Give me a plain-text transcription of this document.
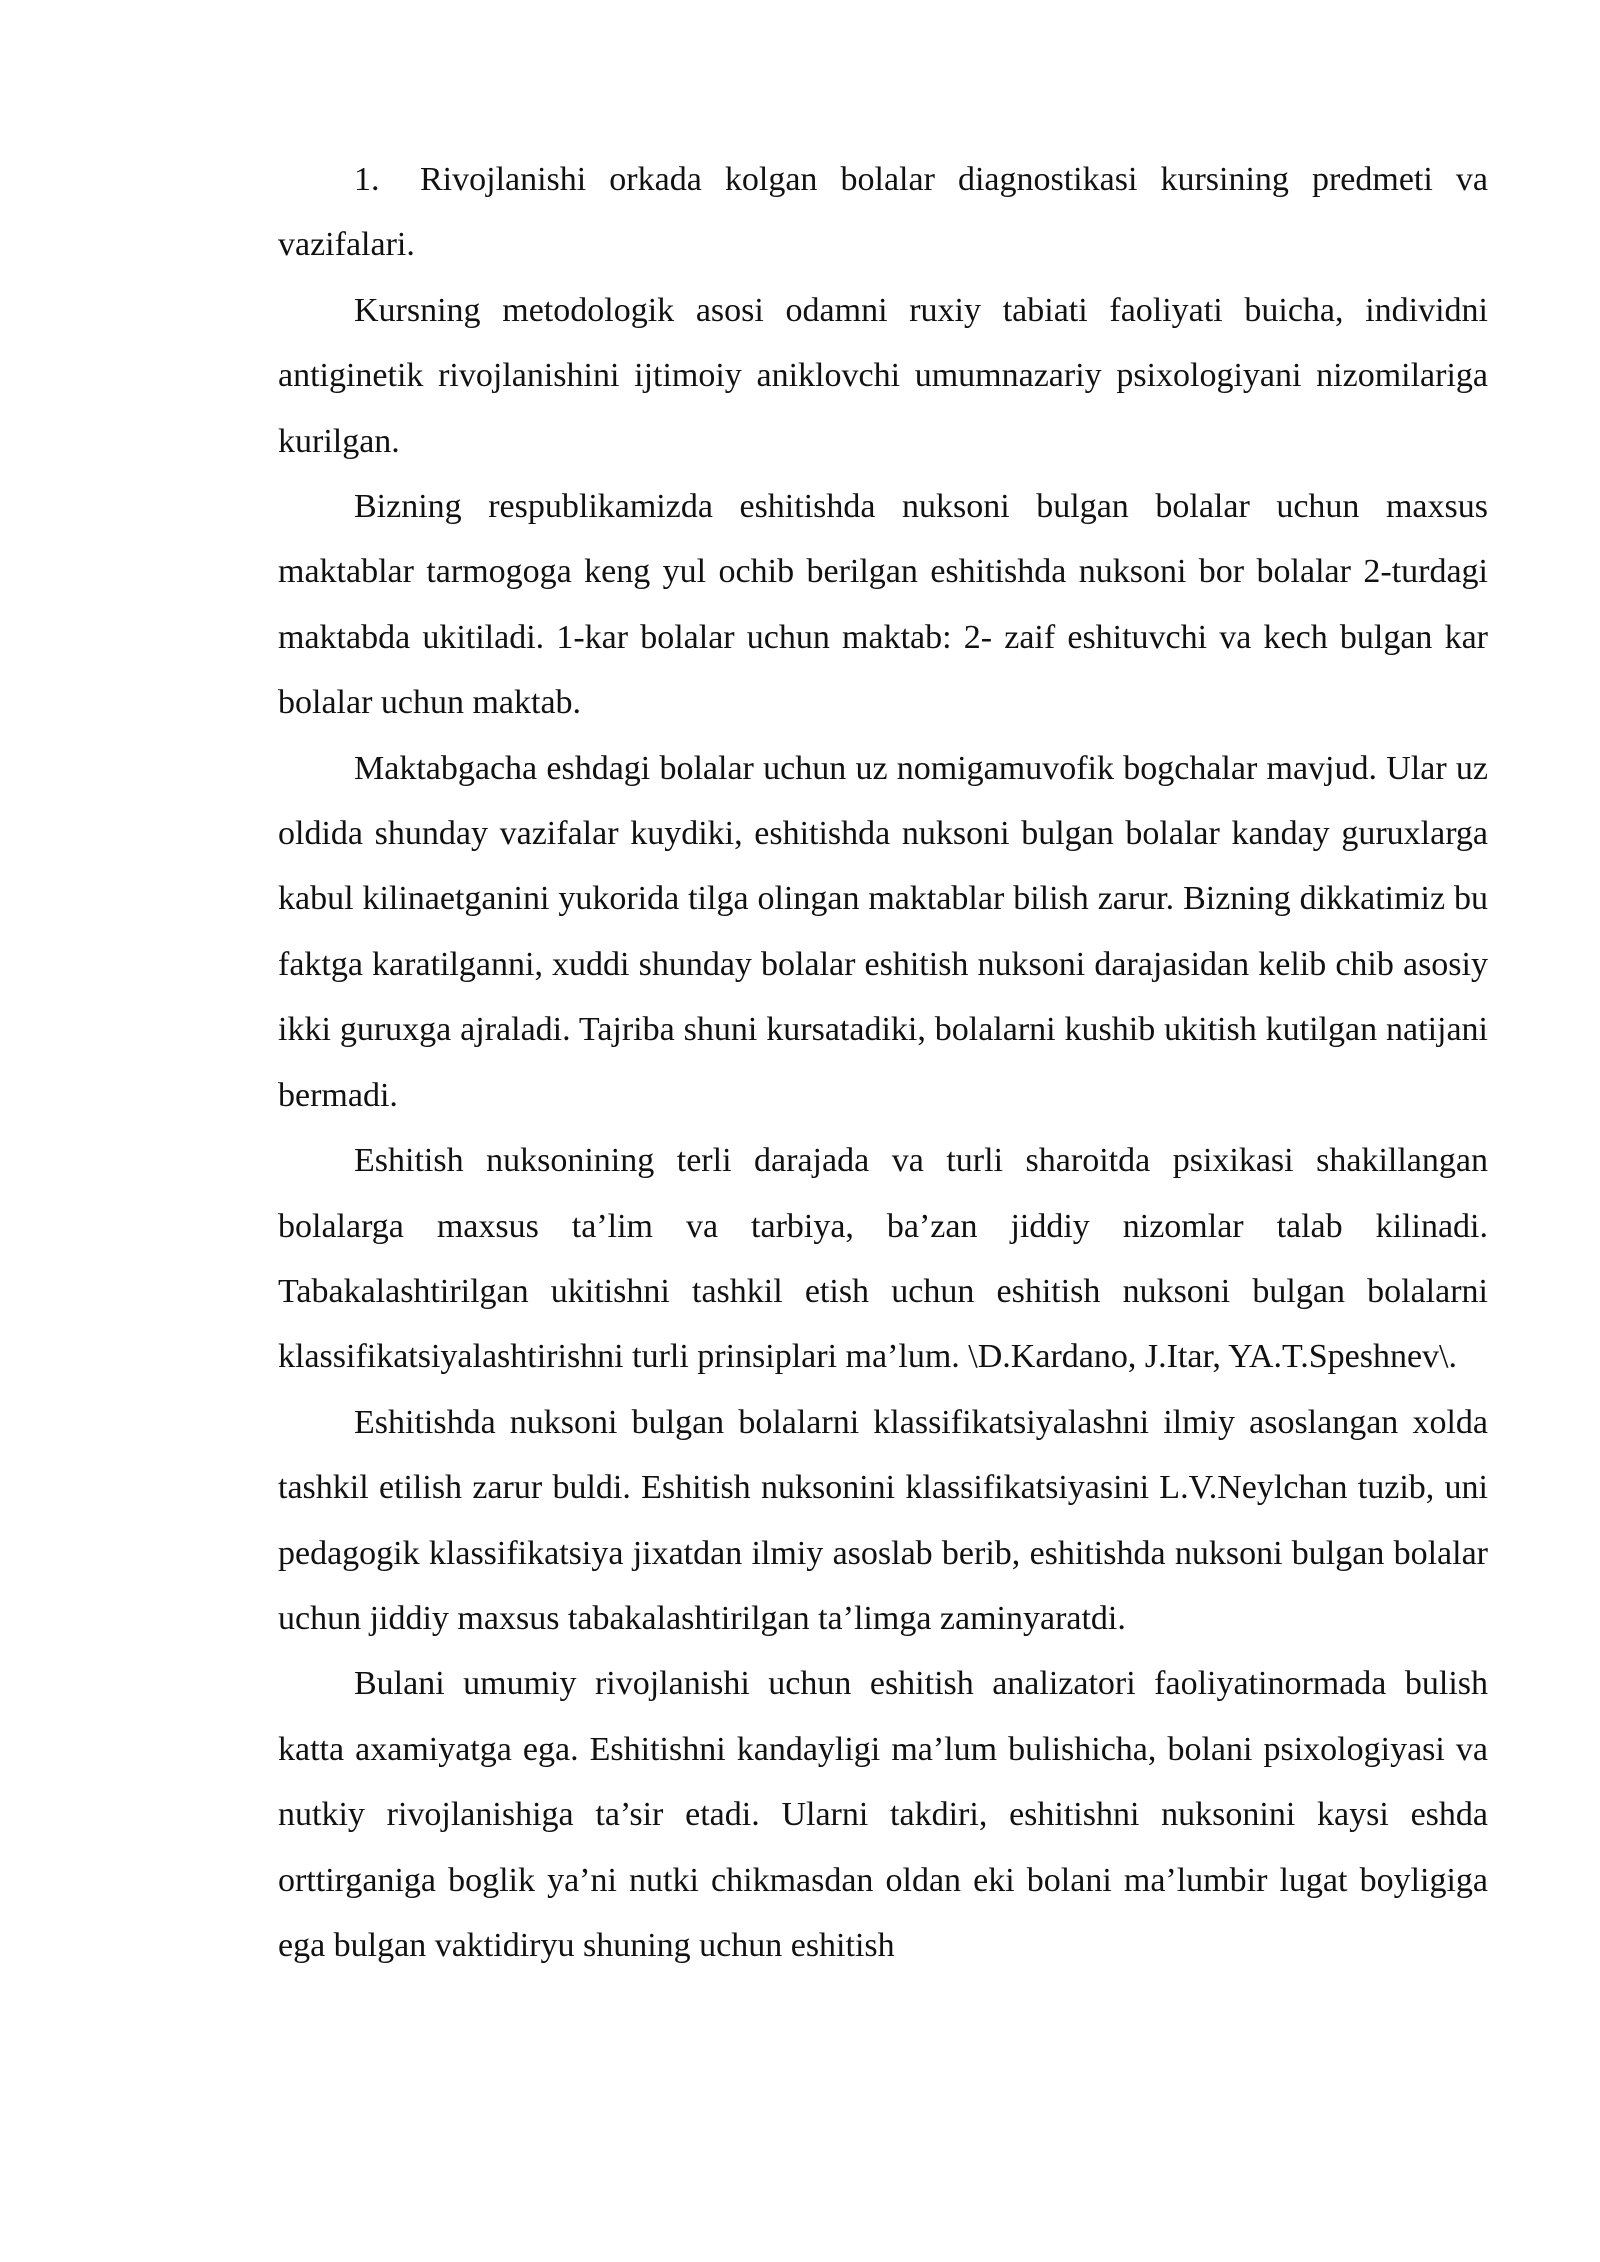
1. Rivojlanishi orkada kolgan bolalar diagnostikasi kursining predmeti va vazifalari.

Kursning metodologik asosi odamni ruxiy tabiati faoliyati buicha, individni antiginetik rivojlanishini ijtimoiy aniklovchi umumnazariy psixologiyani nizomilariga kurilgan.

Bizning respublikamizda eshitishda nuksoni bulgan bolalar uchun maxsus maktablar tarmogoga keng yul ochib berilgan eshitishda nuksoni bor bolalar 2-turdagi maktabda ukitiladi. 1-kar bolalar uchun maktab: 2- zaif eshituvchi va kech bulgan kar bolalar uchun maktab.

Maktabgacha eshdagi bolalar uchun uz nomigamuvofik bogchalar mavjud. Ular uz oldida shunday vazifalar kuydiki, eshitishda nuksoni bulgan bolalar kanday guruxlarga kabul kilinaetganini yukorida tilga olingan maktablar bilish zarur. Bizning dikkatimiz bu faktga karatilganni, xuddi shunday bolalar eshitish nuksoni darajasidan kelib chib asosiy ikki guruxga ajraladi. Tajriba shuni kursatadiki, bolalarni kushib ukitish kutilgan natijani bermadi.

Eshitish nuksonining terli darajada va turli sharoitda psixikasi shakillangan bolalarga maxsus ta’lim va tarbiya, ba’zan jiddiy nizomlar talab kilinadi. Tabakalashtirilgan ukitishni tashkil etish uchun eshitish nuksoni bulgan bolalarni klassifikatsiyalashtirishni turli prinsiplari ma’lum. \D.Kardano, J.Itar, YA.T.Speshnev\.

Eshitishda nuksoni bulgan bolalarni klassifikatsiyalashni ilmiy asoslangan xolda tashkil etilish zarur buldi. Eshitish nuksonini klassifikatsiyasini L.V.Neylchan tuzib, uni pedagogik klassifikatsiya jixatdan ilmiy asoslab berib, eshitishda nuksoni bulgan bolalar uchun jiddiy maxsus tabakalashtirilgan ta’limga zaminyaratdi.

Bulani umumiy rivojlanishi uchun eshitish analizatori faoliyatinormada bulish katta axamiyatga ega. Eshitishni kandayligi ma’lum bulishicha, bolani psixologiyasi va nutkiy rivojlanishiga ta’sir etadi. Ularni takdiri, eshitishni nuksonini kaysi eshda orttirganiga boglik ya’ni nutki chikmasdan oldan eki bolani ma’lumbir lugat boyligiga ega bulgan vaktidiryu shuning uchun eshitish
